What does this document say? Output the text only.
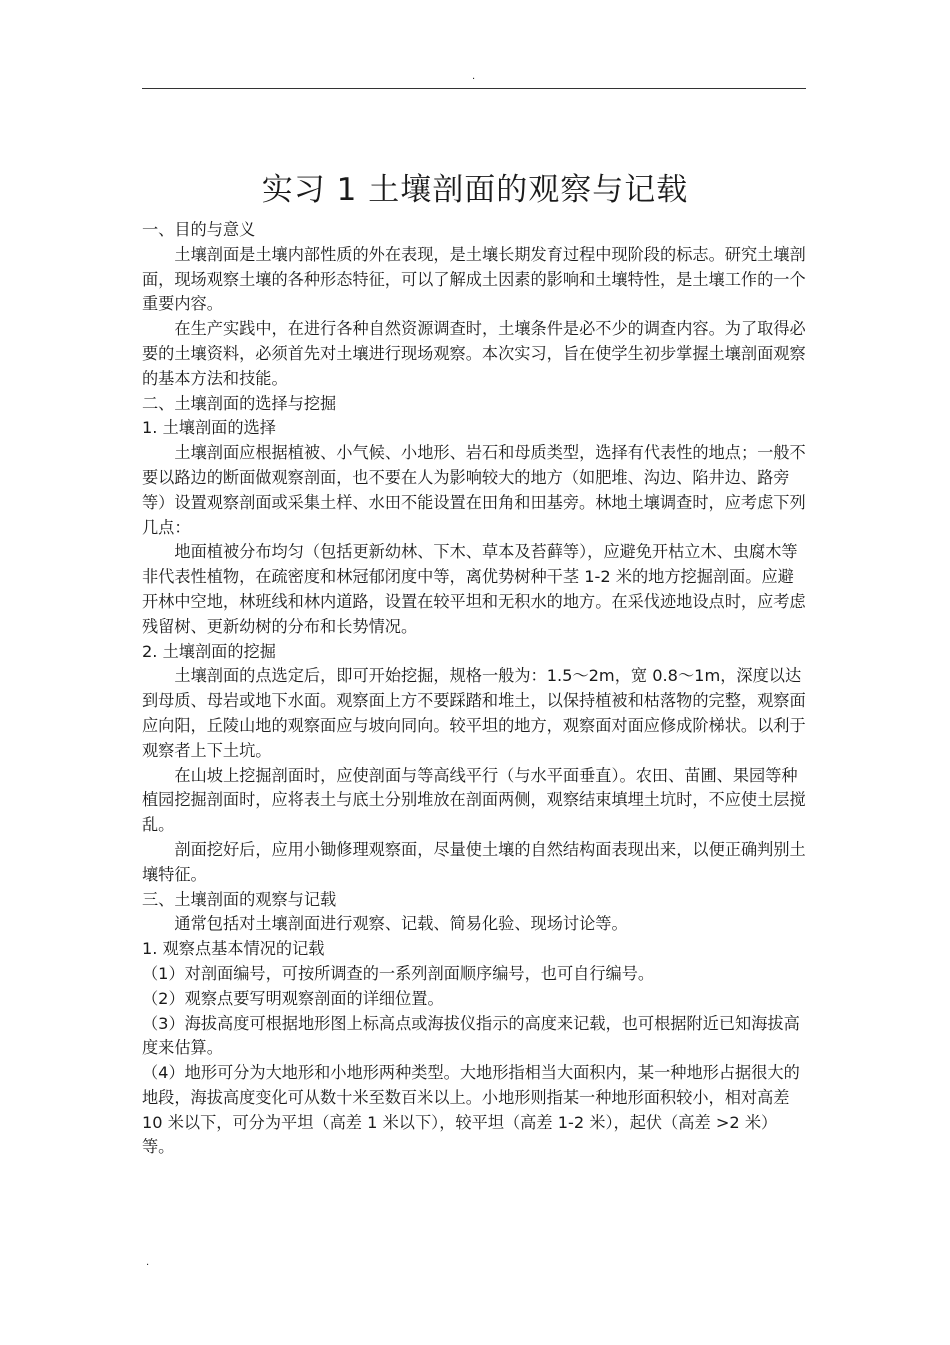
.
实习 1 土壤剖面的观察与记载

一、目的与意义

土壤剖面是土壤内部性质的外在表现，是土壤长期发育过程中现阶段的标志。研究土壤剖面，现场观察土壤的各种形态特征，可以了解成土因素的影响和土壤特性，是土壤工作的一个重要内容。

在生产实践中，在进行各种自然资源调查时，土壤条件是必不少的调查内容。为了取得必要的土壤资料，必须首先对土壤进行现场观察。本次实习，旨在使学生初步掌握土壤剖面观察的基本方法和技能。

二、土壤剖面的选择与挖掘

1. 土壤剖面的选择

土壤剖面应根据植被、小气候、小地形、岩石和母质类型，选择有代表性的地点；一般不要以路边的断面做观察剖面，也不要在人为影响较大的地方（如肥堆、沟边、陷井边、路旁等）设置观察剖面或采集土样、水田不能设置在田角和田基旁。林地土壤调查时，应考虑下列几点：

地面植被分布均匀（包括更新幼林、下木、草本及苔藓等），应避免开枯立木、虫腐木等非代表性植物，在疏密度和林冠郁闭度中等，离优势树种干茎 1-2 米的地方挖掘剖面。应避开林中空地，林班线和林内道路，设置在较平坦和无积水的地方。在采伐迹地设点时，应考虑残留树、更新幼树的分布和长势情况。

2. 土壤剖面的挖掘

土壤剖面的点选定后，即可开始挖掘，规格一般为：1.5～2m，宽 0.8～1m，深度以达到母质、母岩或地下水面。观察面上方不要踩踏和堆土，以保持植被和枯落物的完整，观察面应向阳，丘陵山地的观察面应与坡向同向。较平坦的地方，观察面对面应修成阶梯状。以利于观察者上下土坑。

在山坡上挖掘剖面时，应使剖面与等高线平行（与水平面垂直）。农田、苗圃、果园等种植园挖掘剖面时，应将表土与底土分别堆放在剖面两侧，观察结束填埋土坑时，不应使土层搅乱。

剖面挖好后，应用小锄修理观察面，尽量使土壤的自然结构面表现出来，以便正确判别土壤特征。

三、土壤剖面的观察与记载

通常包括对土壤剖面进行观察、记载、简易化验、现场讨论等。

1. 观察点基本情况的记载

（1）对剖面编号，可按所调查的一系列剖面顺序编号，也可自行编号。

（2）观察点要写明观察剖面的详细位置。

（3）海拔高度可根据地形图上标高点或海拔仪指示的高度来记载，也可根据附近已知海拔高度来估算。

（4）地形可分为大地形和小地形两种类型。大地形指相当大面积内，某一种地形占据很大的地段，海拔高度变化可从数十米至数百米以上。小地形则指某一种地形面积较小，相对高差 10 米以下，可分为平坦（高差 1 米以下），较平坦（高差 1-2 米），起伏（高差 >2 米）等。

.
